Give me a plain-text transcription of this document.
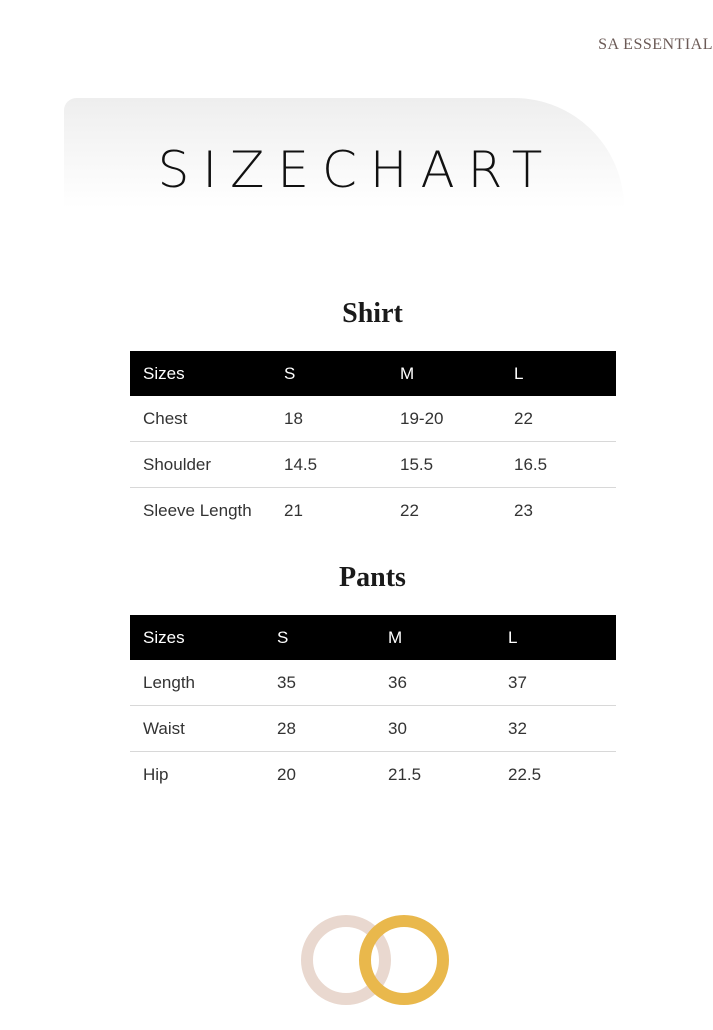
SA ESSENTIAL
SIZECHART
Shirt
Sizes	S	M	L
Chest	18	19-20	22
Shoulder	14.5	15.5	16.5
Sleeve Length	21	22	23
Pants
Sizes	S	M	L
Length	35	36	37
Waist	28	30	32
Hip	20	21.5	22.5
